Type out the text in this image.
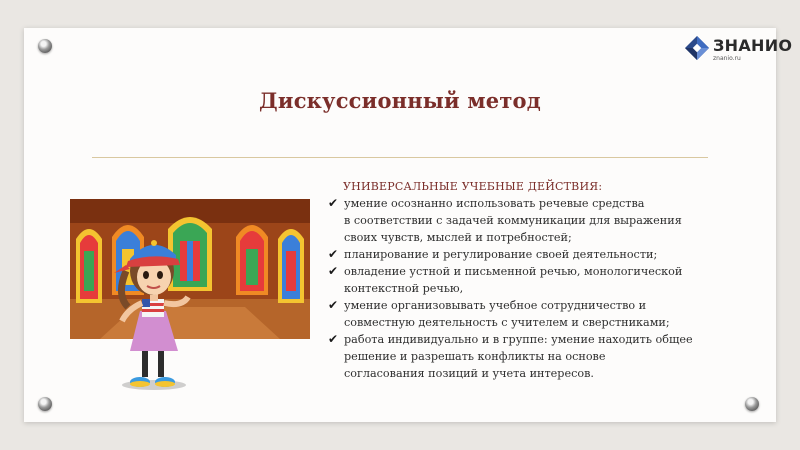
ЗНАНИО
znanio.ru
Дискуссионный метод
УНИВЕРСАЛЬНЫЕ УЧЕБНЫЕ ДЕЙСТВИЯ:
✔ умение осознанно использовать речевые средства
в соответствии с задачей коммуникации для выражения
своих чувств, мыслей и потребностей;
✔ планирование и регулирование своей деятельности;
✔ овладение устной и письменной речью, монологической
контекстной речью,
✔ умение организовывать учебное сотрудничество и
совместную деятельность с учителем и сверстниками;
✔ работа индивидуально и в группе: умение находить общее
решение и разрешать конфликты на основе
согласования позиций и учета интересов.
